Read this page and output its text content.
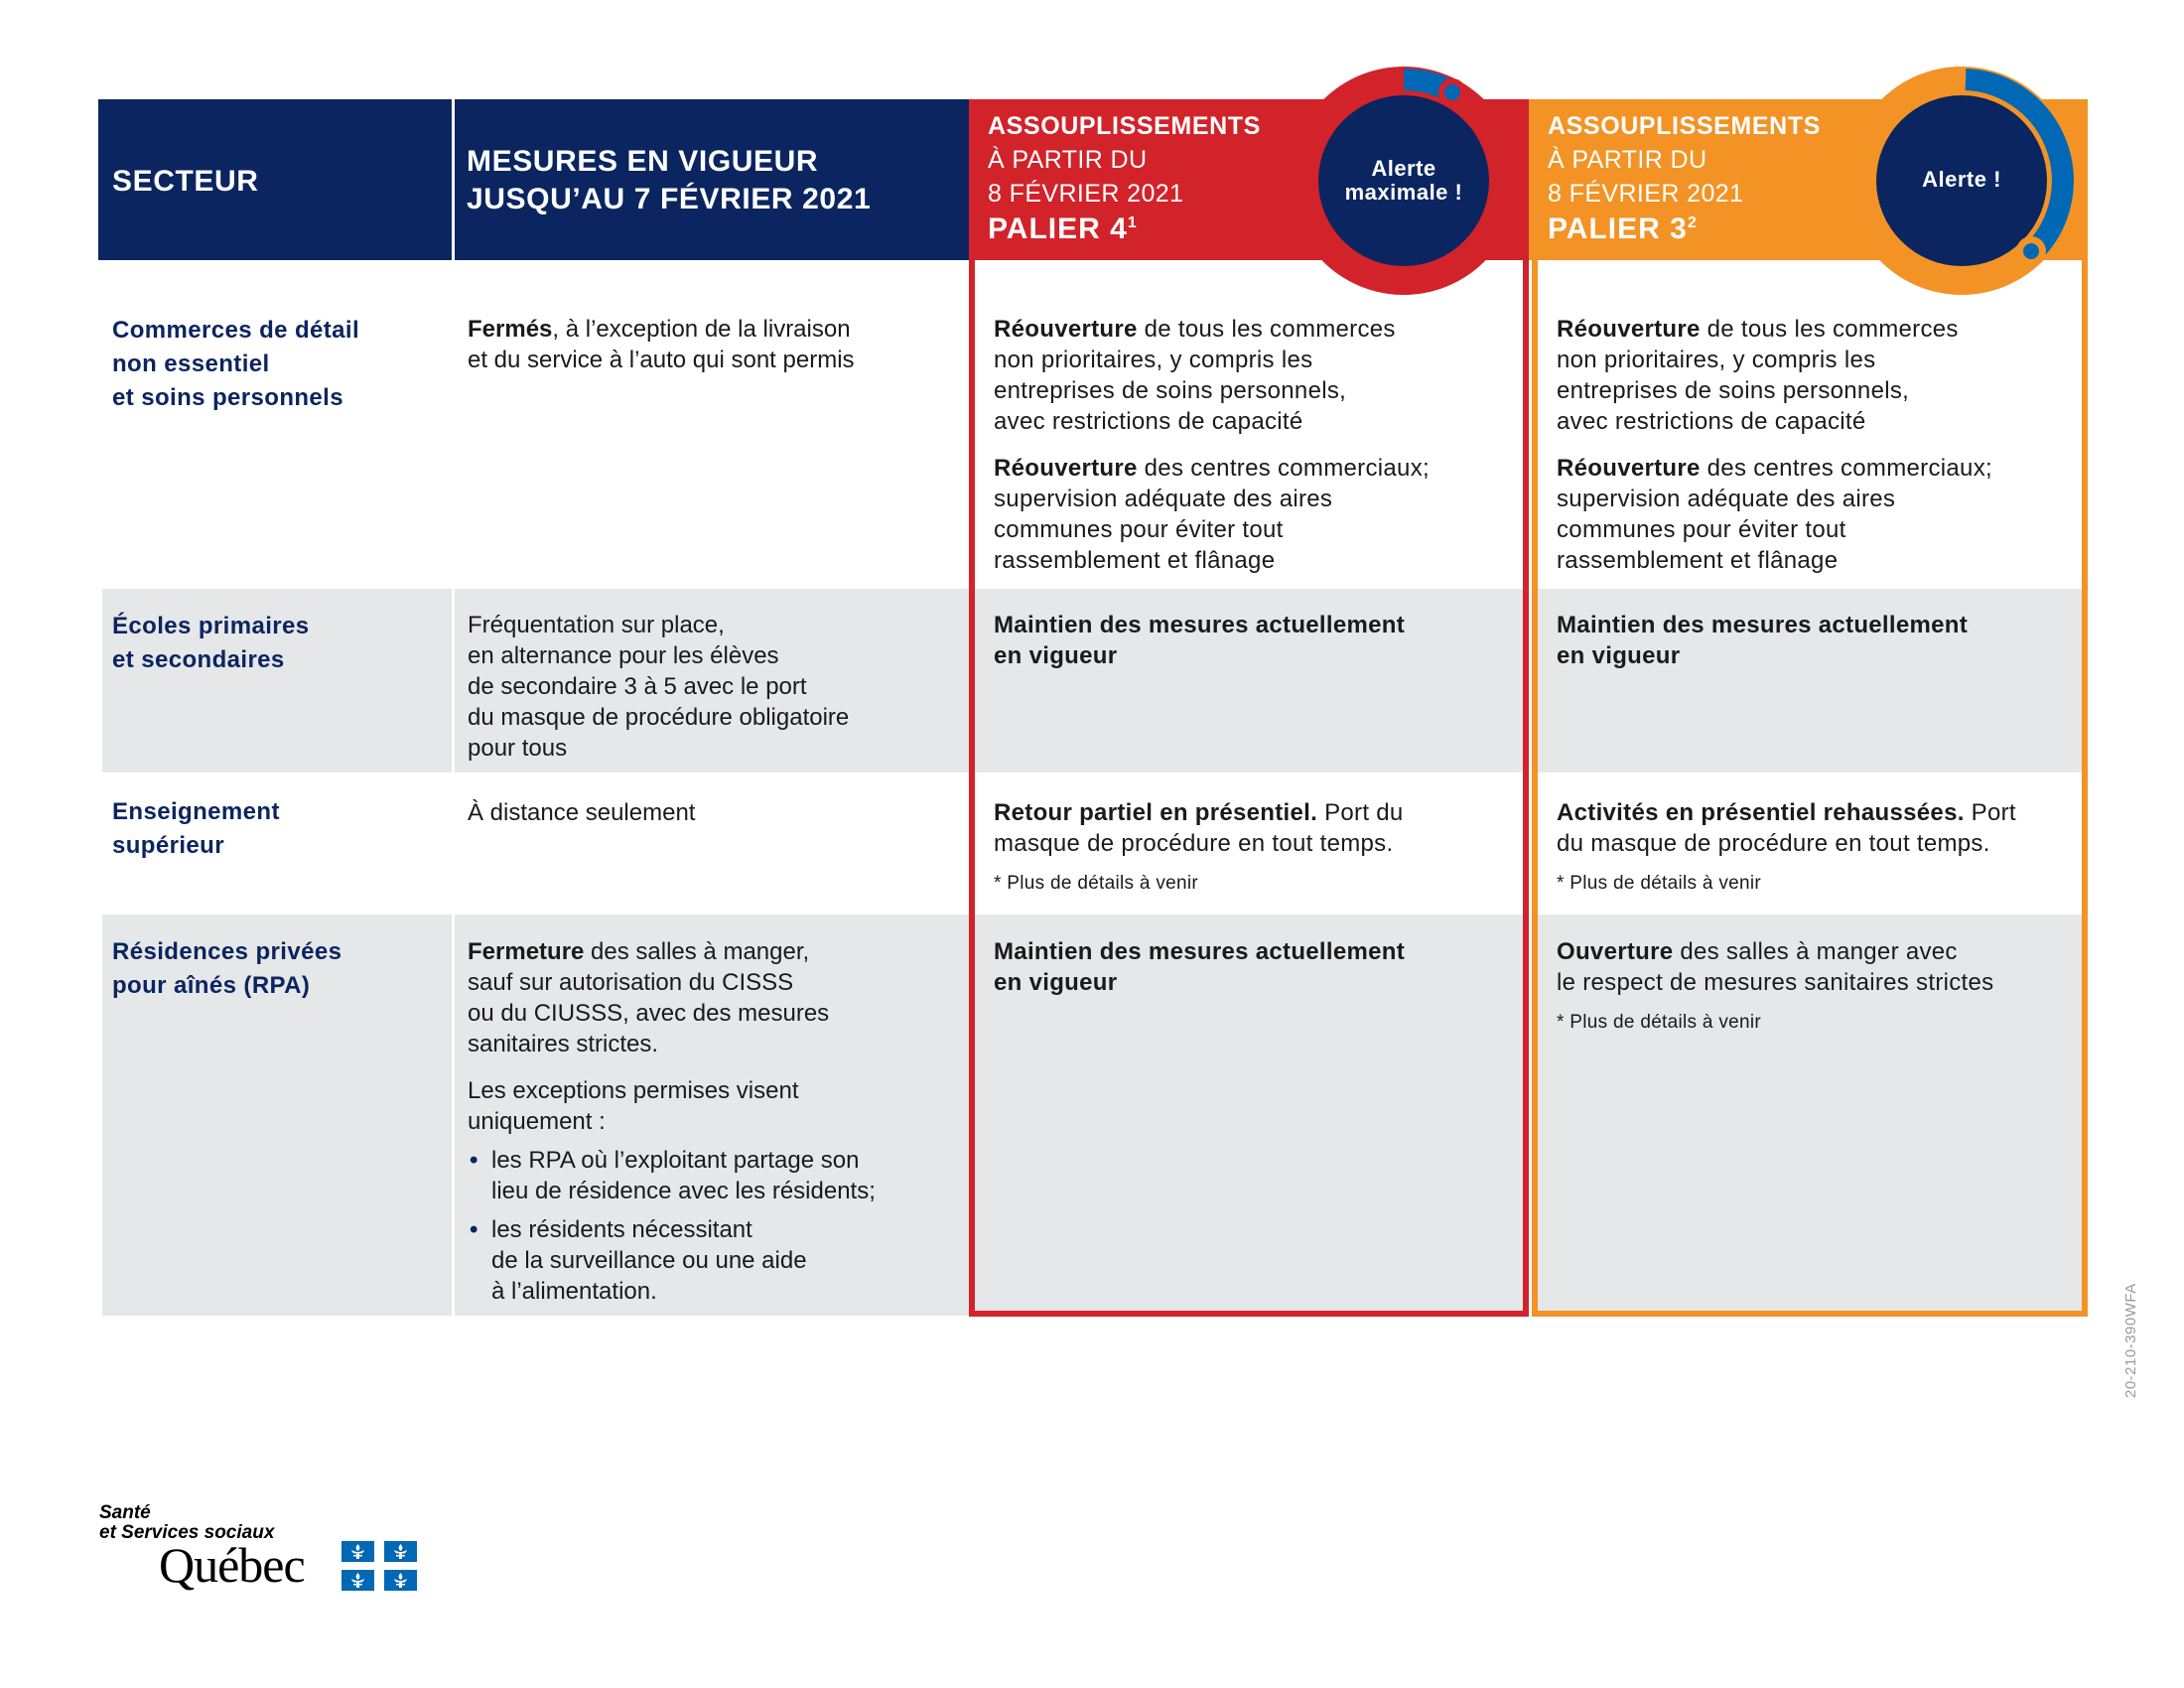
SECTEUR
MESURES EN VIGUEUR
JUSQU’AU 7 FÉVRIER 2021
ASSOUPLISSEMENTS
À PARTIR DU
8 FÉVRIER 2021
PALIER $4^1$
ASSOUPLISSEMENTS
À PARTIR DU
8 FÉVRIER 2021
PALIER $3^2$
Alerte
maximale !
Alerte !
Commerces de détail
non essentiel
et soins personnels
Fermés, à l’exception de la livraison
et du service à l’auto qui sont permis
Réouverture de tous les commerces
non prioritaires, y compris les
entreprises de soins personnels,
avec restrictions de capacité
Réouverture des centres commerciaux;
supervision adéquate des aires
communes pour éviter tout
rassemblement et flânage
Réouverture de tous les commerces
non prioritaires, y compris les
entreprises de soins personnels,
avec restrictions de capacité
Réouverture des centres commerciaux;
supervision adéquate des aires
communes pour éviter tout
rassemblement et flânage
Écoles primaires
et secondaires
Fréquentation sur place,
en alternance pour les élèves
de secondaire 3 à 5 avec le port
du masque de procédure obligatoire
pour tous
Maintien des mesures actuellement
en vigueur
Maintien des mesures actuellement
en vigueur
Enseignement
supérieur
À distance seulement	Retour partiel en présentiel. Port du
masque de procédure en tout temps.
* Plus de détails à venir
Activités en présentiel rehaussées. Port
du masque de procédure en tout temps.
* Plus de détails à venir
Résidences privées
pour aînés (RPA)
Fermeture des salles à manger,
sauf sur autorisation du CISSS
ou du CIUSSS, avec des mesures
sanitaires strictes.
Les exceptions permises visent
uniquement :
• les RPA où l’exploitant partage son
lieu de résidence avec les résidents;
• les résidents nécessitant
de la surveillance ou une aide
à l’alimentation.
Maintien des mesures actuellement
en vigueur
Ouverture des salles à manger avec
le respect de mesures sanitaires strictes
* Plus de détails à venir
Santé
et Services sociaux
Québec
20-210-390WFA
